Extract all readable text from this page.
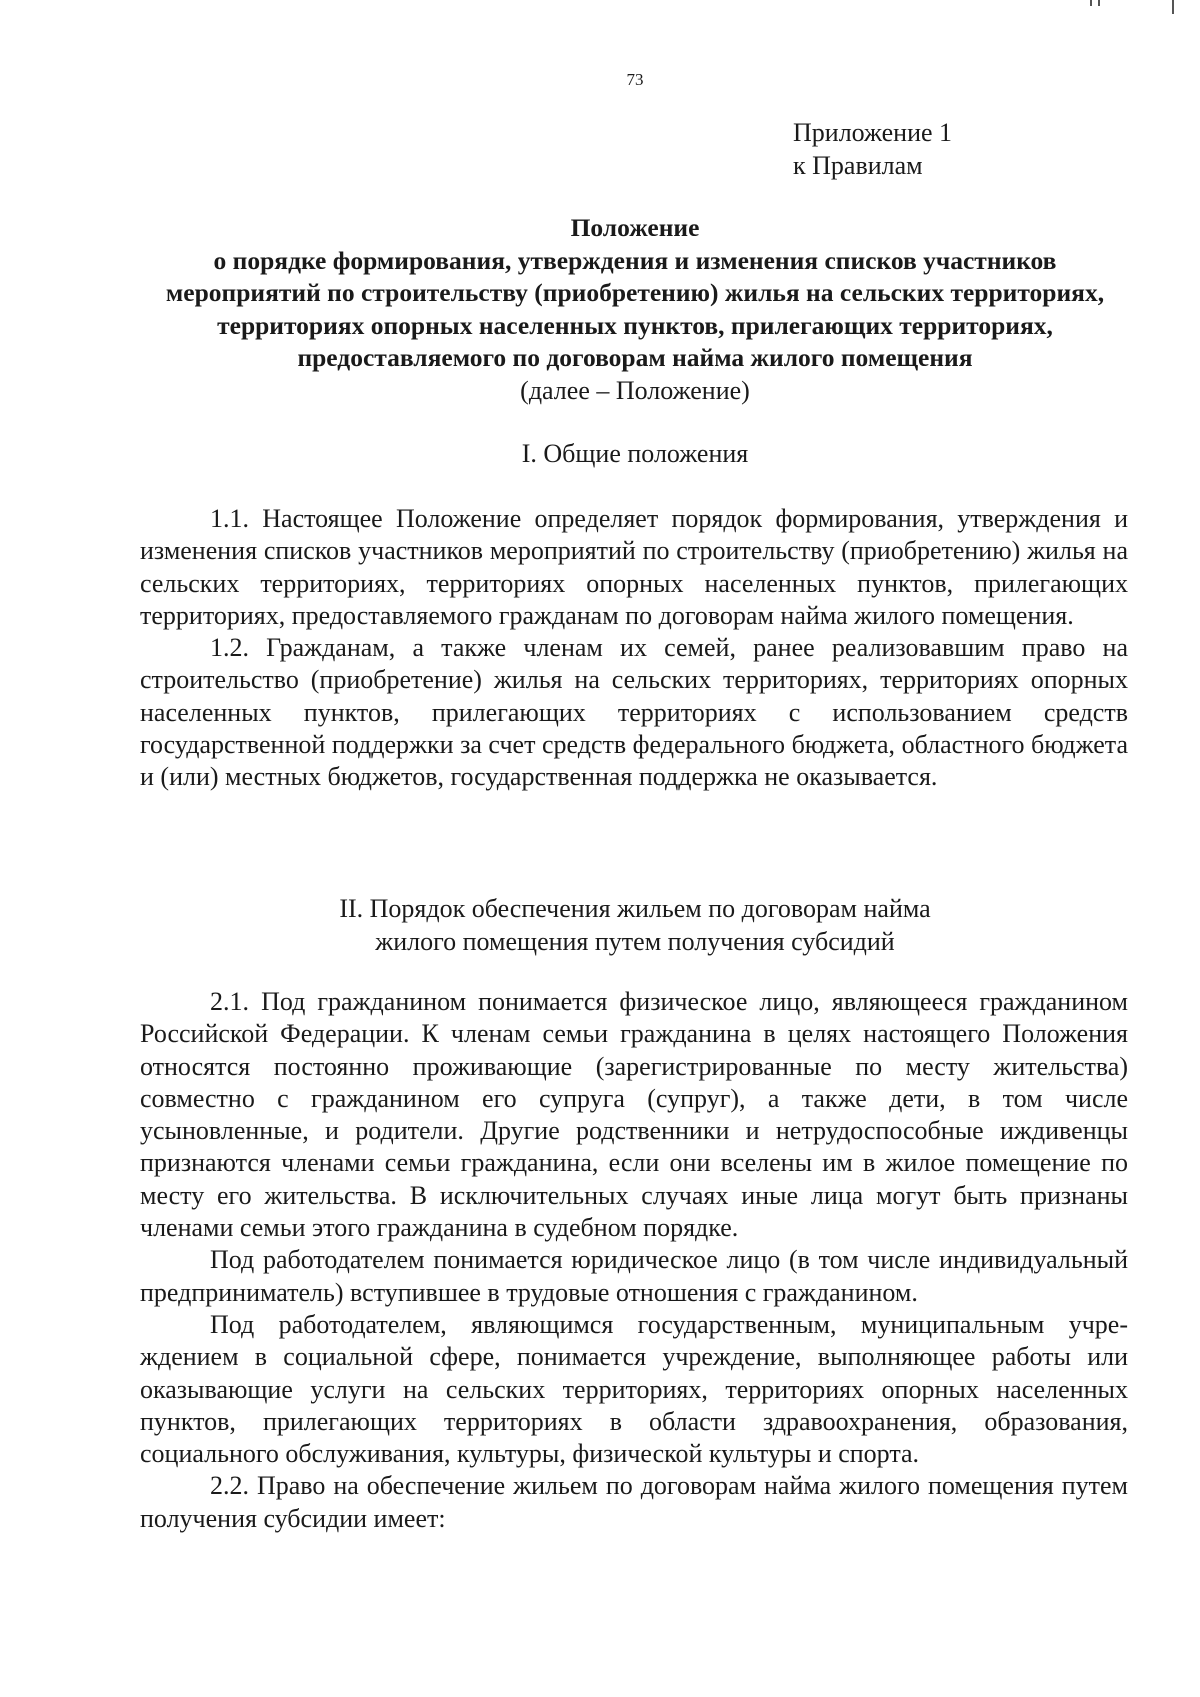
73
Приложение 1
к Правилам
Положение
о порядке формирования, утверждения и изменения списков участников мероприятий по строительству (приобретению) жилья на сельских территориях, территориях опорных населенных пунктов, прилегающих территориях, предоставляемого по договорам найма жилого помещения
(далее – Положение)
I. Общие положения

1.1. Настоящее Положение определяет порядок формирования, утверждения и изменения списков участников мероприятий по строительству (приобретению) жилья на сельских территориях, территориях опорных населенных пунктов, прилегающих территориях, предоставляемого гражданам по договорам найма жилого помещения.

1.2. Гражданам, а также членам их семей, ранее реализовавшим право на строительство (приобретение) жилья на сельских территориях, территориях опорных населенных пунктов, прилегающих территориях с использованием средств государственной поддержки за счет средств федерального бюджета, областного бюджета и (или) местных бюджетов, государственная поддержка не оказывается.

II. Порядок обеспечения жильем по договорам найма
жилого помещения путем получения субсидий

2.1. Под гражданином понимается физическое лицо, являющееся гражданином Российской Федерации. К членам семьи гражданина в целях настоящего Положения относятся постоянно проживающие (зарегистрированные по месту жительства) совместно с гражданином его супруга (супруг), а также дети, в том числе усыновленные, и родители. Другие родственники и нетрудоспособные иждивенцы признаются членами семьи гражданина, если они вселены им в жилое помещение по месту его жительства. В исключительных случаях иные лица могут быть признаны членами семьи этого гражданина в судебном порядке.

Под работодателем понимается юридическое лицо (в том числе индивидуальный предприниматель) вступившее в трудовые отношения с гражданином.

Под работодателем, являющимся государственным, муниципальным учреждением в социальной сфере, понимается учреждение, выполняющее работы или оказывающие услуги на сельских территориях, территориях опорных населенных пунктов, прилегающих территориях в области здравоохранения, образования, социального обслуживания, культуры, физической культуры и спорта.

2.2. Право на обеспечение жильем по договорам найма жилого помещения путем получения субсидии имеет:
